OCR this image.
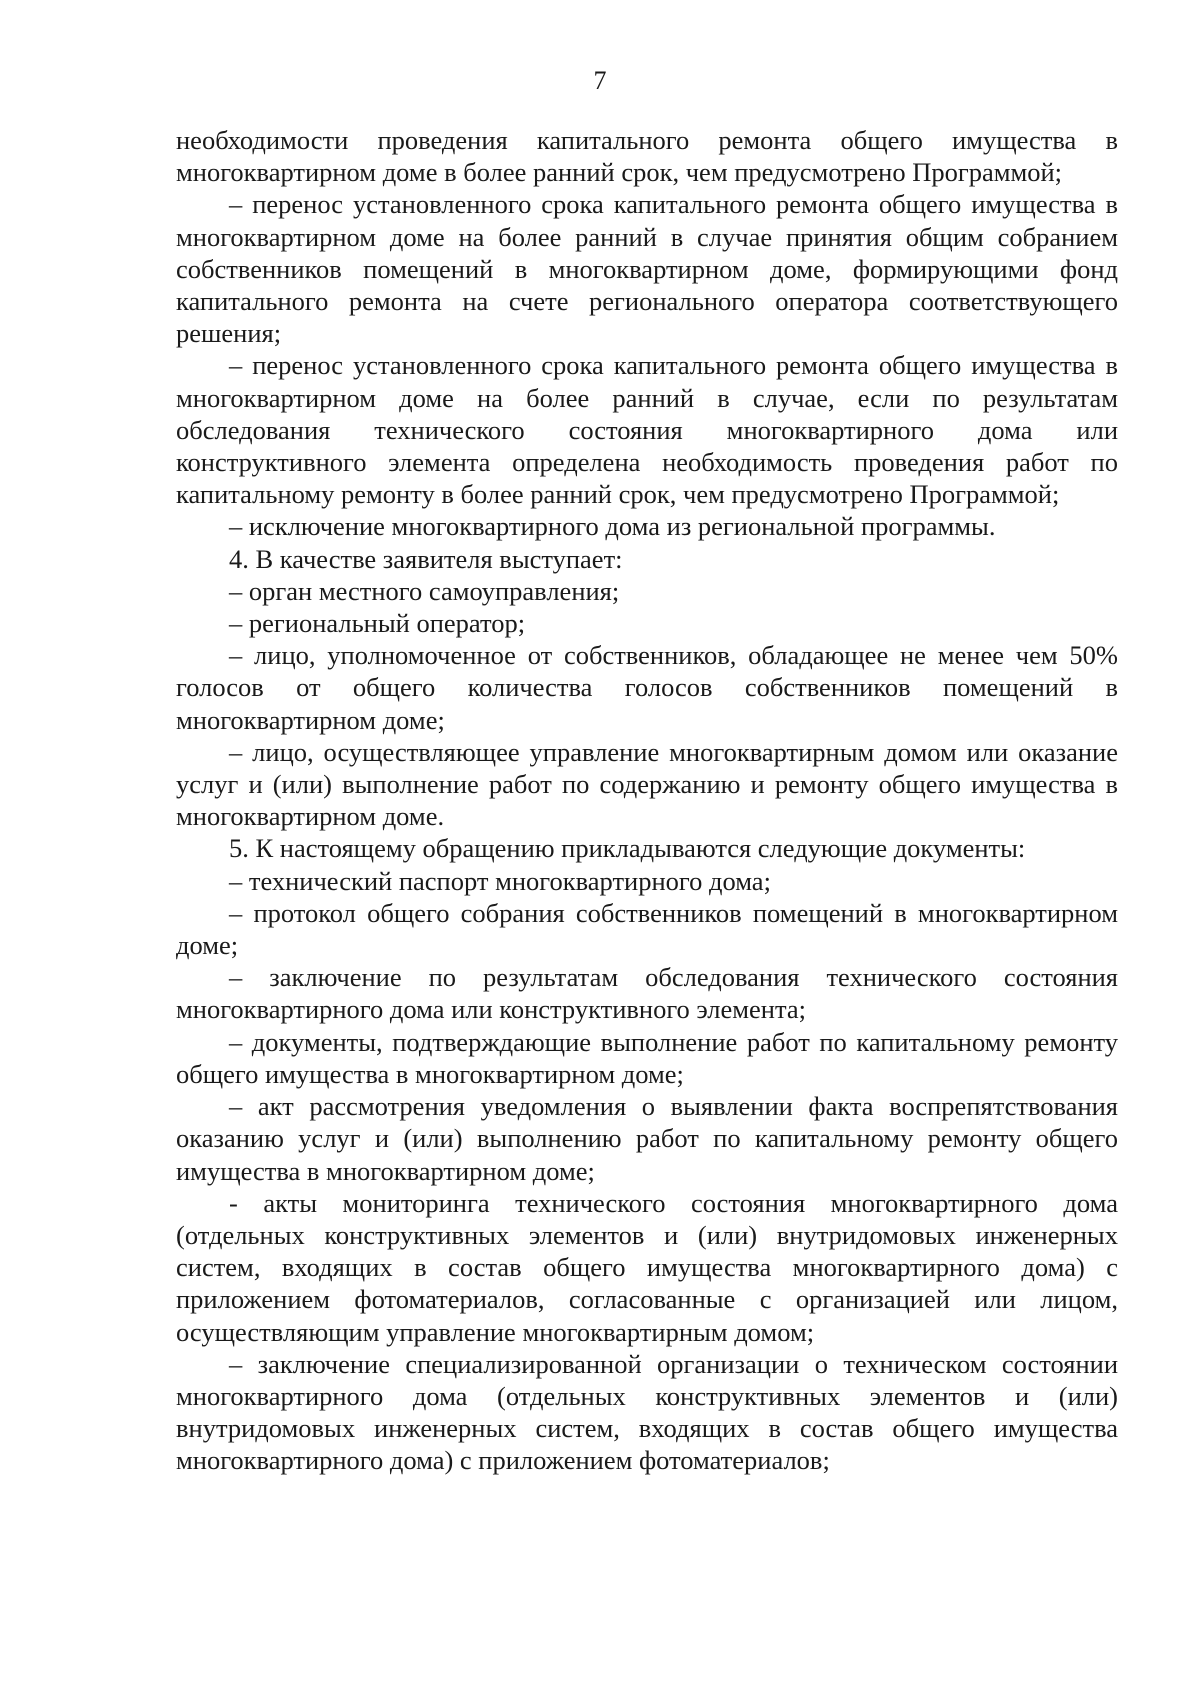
7

необходимости проведения капитального ремонта общего имущества в многоквартирном доме в более ранний срок, чем предусмотрено Программой;

– перенос установленного срока капитального ремонта общего имущества в многоквартирном доме на более ранний в случае принятия общим собранием собственников помещений в многоквартирном доме, формирующими фонд капитального ремонта на счете регионального оператора соответствующего решения;

– перенос установленного срока капитального ремонта общего имущества в многоквартирном доме на более ранний в случае, если по результатам обследования технического состояния многоквартирного дома или конструктивного элемента определена необходимость проведения работ по капитальному ремонту в более ранний срок, чем предусмотрено Программой;

– исключение многоквартирного дома из региональной программы.

4. В качестве заявителя выступает:

– орган местного самоуправления;

– региональный оператор;

– лицо, уполномоченное от собственников, обладающее не менее чем 50% голосов от общего количества голосов собственников помещений в многоквартирном доме;

– лицо, осуществляющее управление многоквартирным домом или оказание услуг и (или) выполнение работ по содержанию и ремонту общего имущества в многоквартирном доме.

5. К настоящему обращению прикладываются следующие документы:

– технический паспорт многоквартирного дома;

– протокол общего собрания собственников помещений в многоквартирном доме;

– заключение по результатам обследования технического состояния многоквартирного дома или конструктивного элемента;

– документы, подтверждающие выполнение работ по капитальному ремонту общего имущества в многоквартирном доме;

– акт рассмотрения уведомления о выявлении факта воспрепятствования оказанию услуг и (или) выполнению работ по капитальному ремонту общего имущества в многоквартирном доме;

- акты мониторинга технического состояния многоквартирного дома (отдельных конструктивных элементов и (или) внутридомовых инженерных систем, входящих в состав общего имущества многоквартирного дома) с приложением фотоматериалов, согласованные с организацией или лицом, осуществляющим управление многоквартирным домом;

– заключение специализированной организации о техническом состоянии многоквартирного дома (отдельных конструктивных элементов и (или) внутридомовых инженерных систем, входящих в состав общего имущества многоквартирного дома) с приложением фотоматериалов;
